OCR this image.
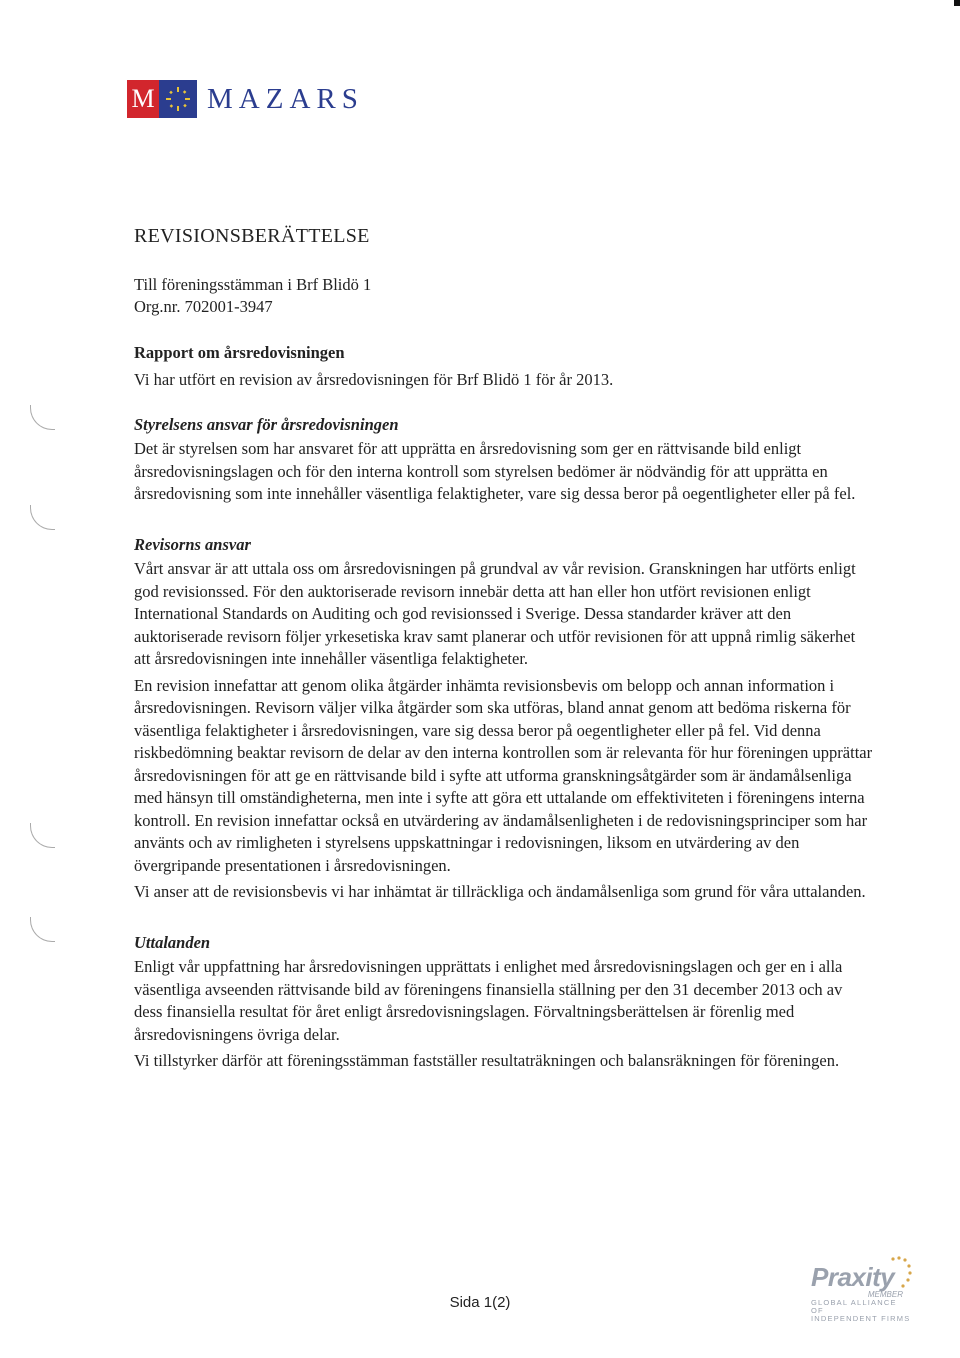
M MAZARS
REVISIONSBERÄTTELSE

Till föreningsstämman i Brf Blidö 1

Org.nr. 702001-3947

Rapport om årsredovisningen

Vi har utfört en revision av årsredovisningen för Brf Blidö 1 för år 2013.

Styrelsens ansvar för årsredovisningen

Det är styrelsen som har ansvaret för att upprätta en årsredovisning som ger en rättvisande bild enligt årsredovisningslagen och för den interna kontroll som styrelsen bedömer är nödvändig för att upprätta en årsredovisning som inte innehåller väsentliga felaktigheter, vare sig dessa beror på oegentligheter eller på fel.

Revisorns ansvar

Vårt ansvar är att uttala oss om årsredovisningen på grundval av vår revision. Granskningen har utförts enligt god revisionssed. För den auktoriserade revisorn innebär detta att han eller hon utfört revisionen enligt International Standards on Auditing och god revisionssed i Sverige. Dessa standarder kräver att den auktoriserade revisorn följer yrkesetiska krav samt planerar och utför revisionen för att uppnå rimlig säkerhet att årsredovisningen inte innehåller väsentliga felaktigheter.

En revision innefattar att genom olika åtgärder inhämta revisionsbevis om belopp och annan information i årsredovisningen. Revisorn väljer vilka åtgärder som ska utföras, bland annat genom att bedöma riskerna för väsentliga felaktigheter i årsredovisningen, vare sig dessa beror på oegentligheter eller på fel. Vid denna riskbedömning beaktar revisorn de delar av den interna kontrollen som är relevanta för hur föreningen upprättar årsredovisningen för att ge en rättvisande bild i syfte att utforma granskningsåtgärder som är ändamålsenliga med hänsyn till omständigheterna, men inte i syfte att göra ett uttalande om effektiviteten i föreningens interna kontroll. En revision innefattar också en utvärdering av ändamålsenligheten i de redovisningsprinciper som har använts och av rimligheten i styrelsens uppskattningar i redovisningen, liksom en utvärdering av den övergripande presentationen i årsredovisningen.

Vi anser att de revisionsbevis vi har inhämtat är tillräckliga och ändamålsenliga som grund för våra uttalanden.

Uttalanden

Enligt vår uppfattning har årsredovisningen upprättats i enlighet med årsredovisningslagen och ger en i alla väsentliga avseenden rättvisande bild av föreningens finansiella ställning per den 31 december 2013 och av dess finansiella resultat för året enligt årsredovisningslagen. Förvaltningsberättelsen är förenlig med årsredovisningens övriga delar.

Vi tillstyrker därför att föreningsstämman fastställer resultaträkningen och balansräkningen för föreningen.

Sida 1(2)
Praxity
MEMBER
GLOBAL ALLIANCE OF
INDEPENDENT FIRMS
